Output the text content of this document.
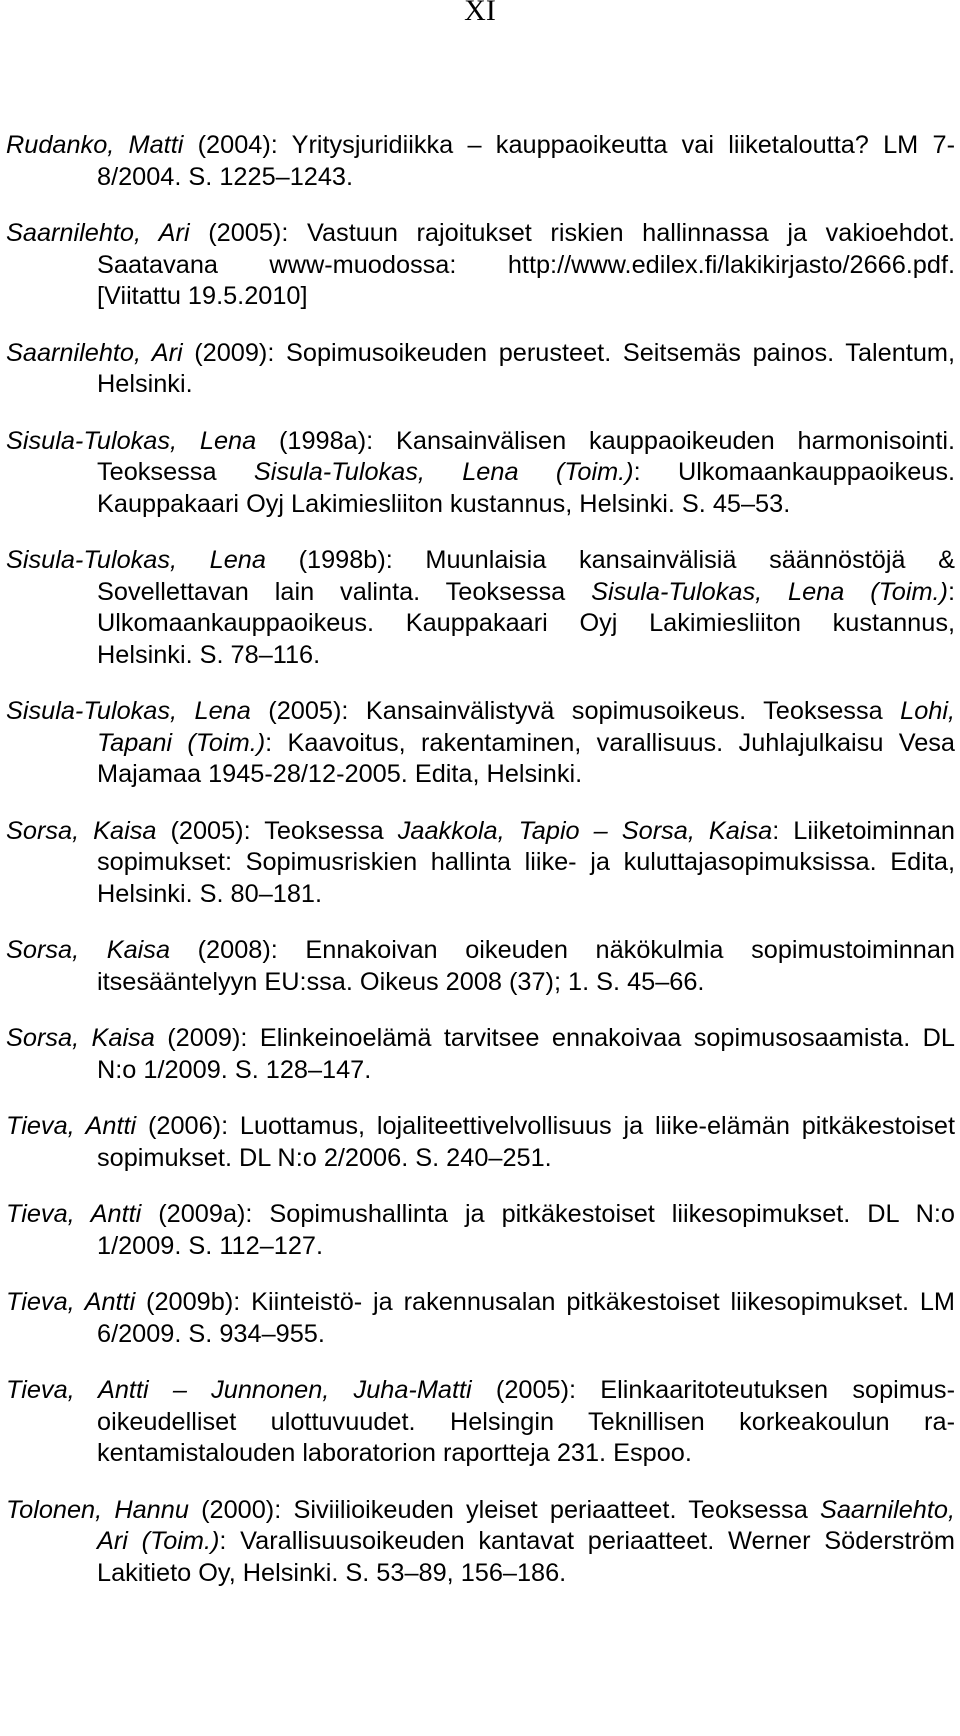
XI

Rudanko, Matti (2004): Yritysjuridiikka – kauppaoikeutta vai liiketaloutta? LM 7-8/2004. S. 1225–1243.

Saarnilehto, Ari (2005): Vastuun rajoitukset riskien hallinnassa ja vakioehdot. Saatavana www-muodossa: http://www.edilex.fi/lakikirjasto/2666.pdf. [Viitattu 19.5.2010]

Saarnilehto, Ari (2009): Sopimusoikeuden perusteet. Seitsemäs painos. Talentum, Helsinki.

Sisula-Tulokas, Lena (1998a): Kansainvälisen kauppaoikeuden harmonisointi. Teoksessa Sisula-Tulokas, Lena (Toim.): Ulkomaankauppaoikeus. Kauppakaari Oyj Lakimiesliiton kustannus, Helsinki. S. 45–53.

Sisula-Tulokas, Lena (1998b): Muunlaisia kansainvälisiä säännöstöjä & Sovellettavan lain valinta. Teoksessa Sisula-Tulokas, Lena (Toim.): Ulkomaankauppaoikeus. Kauppakaari Oyj Lakimiesliiton kustannus, Helsinki. S. 78–116.

Sisula-Tulokas, Lena (2005): Kansainvälistyvä sopimusoikeus. Teoksessa Lohi, Tapani (Toim.): Kaavoitus, rakentaminen, varallisuus. Juhlajulkaisu Vesa Majamaa 1945-28/12-2005. Edita, Helsinki.

Sorsa, Kaisa (2005): Teoksessa Jaakkola, Tapio – Sorsa, Kaisa: Liiketoiminnan sopimukset: Sopimusriskien hallinta liike- ja kuluttajasopimuksissa. Edita, Helsinki. S. 80–181.

Sorsa, Kaisa (2008): Ennakoivan oikeuden näkökulmia sopimustoiminnan itsesääntelyyn EU:ssa. Oikeus 2008 (37); 1. S. 45–66.

Sorsa, Kaisa (2009): Elinkeinoelämä tarvitsee ennakoivaa sopimusosaamista. DL N:o 1/2009. S. 128–147.

Tieva, Antti (2006): Luottamus, lojaliteettivelvollisuus ja liike-elämän pitkäkestoiset sopimukset. DL N:o 2/2006. S. 240–251.

Tieva, Antti (2009a): Sopimushallinta ja pitkäkestoiset liikesopimukset. DL N:o 1/2009. S. 112–127.

Tieva, Antti (2009b): Kiinteistö- ja rakennusalan pitkäkestoiset liikesopimukset. LM 6/2009. S. 934–955.

Tieva, Antti – Junnonen, Juha-Matti (2005): Elinkaaritoteutuksen sopimusoikeudelliset ulottuvuudet. Helsingin Teknillisen korkeakoulun rakentamistalouden laboratorion raportteja 231. Espoo.

Tolonen, Hannu (2000): Siviilioikeuden yleiset periaatteet. Teoksessa Saarnilehto, Ari (Toim.): Varallisuusoikeuden kantavat periaatteet. Werner Söderström Lakitieto Oy, Helsinki. S. 53–89, 156–186.
